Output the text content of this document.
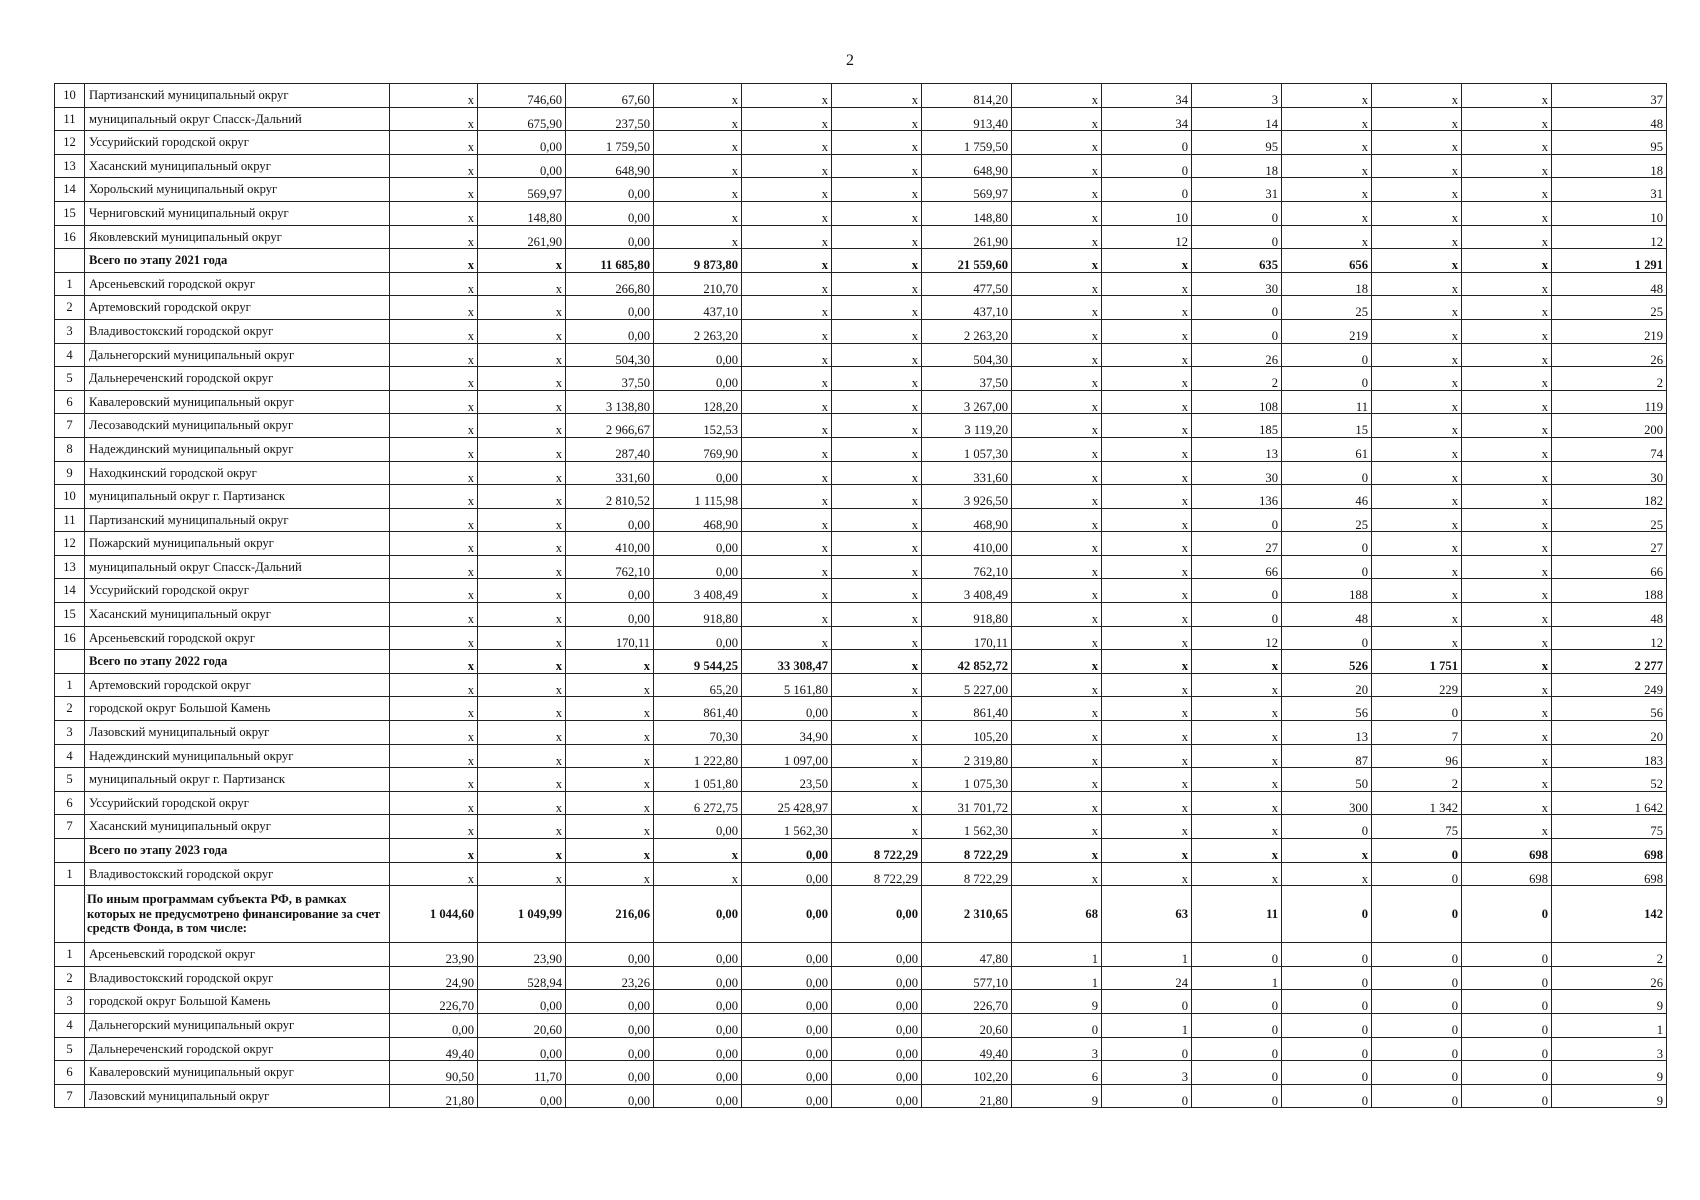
2
10	Партизанский муниципальный округ	x	746,60	67,60	x	x	x	814,20	x	34	3	x	x	x	37
11	муниципальный округ Спасск-Дальний	x	675,90	237,50	x	x	x	913,40	x	34	14	x	x	x	48
12	Уссурийский городской округ	x	0,00	1 759,50	x	x	x	1 759,50	x	0	95	x	x	x	95
13	Хасанский муниципальный округ	x	0,00	648,90	x	x	x	648,90	x	0	18	x	x	x	18
14	Хорольский муниципальный округ	x	569,97	0,00	x	x	x	569,97	x	0	31	x	x	x	31
15	Черниговский муниципальный округ	x	148,80	0,00	x	x	x	148,80	x	10	0	x	x	x	10
16	Яковлевский муниципальный округ	x	261,90	0,00	x	x	x	261,90	x	12	0	x	x	x	12
	Всего по этапу 2021 года	x	x	11 685,80	9 873,80	x	x	21 559,60	x	x	635	656	x	x	1 291
1	Арсеньевский городской округ	x	x	266,80	210,70	x	x	477,50	x	x	30	18	x	x	48
2	Артемовский городской округ	x	x	0,00	437,10	x	x	437,10	x	x	0	25	x	x	25
3	Владивостокский городской округ	x	x	0,00	2 263,20	x	x	2 263,20	x	x	0	219	x	x	219
4	Дальнегорский муниципальный округ	x	x	504,30	0,00	x	x	504,30	x	x	26	0	x	x	26
5	Дальнереченский городской округ	x	x	37,50	0,00	x	x	37,50	x	x	2	0	x	x	2
6	Кавалеровский муниципальный округ	x	x	3 138,80	128,20	x	x	3 267,00	x	x	108	11	x	x	119
7	Лесозаводский муниципальный округ	x	x	2 966,67	152,53	x	x	3 119,20	x	x	185	15	x	x	200
8	Надеждинский муниципальный округ	x	x	287,40	769,90	x	x	1 057,30	x	x	13	61	x	x	74
9	Находкинский городской округ	x	x	331,60	0,00	x	x	331,60	x	x	30	0	x	x	30
10	муниципальный округ г. Партизанск	x	x	2 810,52	1 115,98	x	x	3 926,50	x	x	136	46	x	x	182
11	Партизанский муниципальный округ	x	x	0,00	468,90	x	x	468,90	x	x	0	25	x	x	25
12	Пожарский муниципальный округ	x	x	410,00	0,00	x	x	410,00	x	x	27	0	x	x	27
13	муниципальный округ Спасск-Дальний	x	x	762,10	0,00	x	x	762,10	x	x	66	0	x	x	66
14	Уссурийский городской округ	x	x	0,00	3 408,49	x	x	3 408,49	x	x	0	188	x	x	188
15	Хасанский муниципальный округ	x	x	0,00	918,80	x	x	918,80	x	x	0	48	x	x	48
16	Арсеньевский городской округ	x	x	170,11	0,00	x	x	170,11	x	x	12	0	x	x	12
	Всего по этапу 2022 года	x	x	x	9 544,25	33 308,47	x	42 852,72	x	x	x	526	1 751	x	2 277
1	Артемовский городской округ	x	x	x	65,20	5 161,80	x	5 227,00	x	x	x	20	229	x	249
2	городской округ Большой Камень	x	x	x	861,40	0,00	x	861,40	x	x	x	56	0	x	56
3	Лазовский муниципальный округ	x	x	x	70,30	34,90	x	105,20	x	x	x	13	7	x	20
4	Надеждинский муниципальный округ	x	x	x	1 222,80	1 097,00	x	2 319,80	x	x	x	87	96	x	183
5	муниципальный округ г. Партизанск	x	x	x	1 051,80	23,50	x	1 075,30	x	x	x	50	2	x	52
6	Уссурийский городской округ	x	x	x	6 272,75	25 428,97	x	31 701,72	x	x	x	300	1 342	x	1 642
7	Хасанский муниципальный округ	x	x	x	0,00	1 562,30	x	1 562,30	x	x	x	0	75	x	75
	Всего по этапу 2023 года	x	x	x	x	0,00	8 722,29	8 722,29	x	x	x	x	0	698	698
1	Владивостокский городской округ	x	x	x	x	0,00	8 722,29	8 722,29	x	x	x	x	0	698	698
	По иным программам субъекта РФ, в рамках которых не предусмотрено финансирование за счет средств Фонда, в том числе:	1 044,60	1 049,99	216,06	0,00	0,00	0,00	2 310,65	68	63	11	0	0	0	142
1	Арсеньевский городской округ	23,90	23,90	0,00	0,00	0,00	0,00	47,80	1	1	0	0	0	0	2
2	Владивостокский городской округ	24,90	528,94	23,26	0,00	0,00	0,00	577,10	1	24	1	0	0	0	26
3	городской округ Большой Камень	226,70	0,00	0,00	0,00	0,00	0,00	226,70	9	0	0	0	0	0	9
4	Дальнегорский муниципальный округ	0,00	20,60	0,00	0,00	0,00	0,00	20,60	0	1	0	0	0	0	1
5	Дальнереченский городской округ	49,40	0,00	0,00	0,00	0,00	0,00	49,40	3	0	0	0	0	0	3
6	Кавалеровский муниципальный округ	90,50	11,70	0,00	0,00	0,00	0,00	102,20	6	3	0	0	0	0	9
7	Лазовский муниципальный округ	21,80	0,00	0,00	0,00	0,00	0,00	21,80	9	0	0	0	0	0	9
